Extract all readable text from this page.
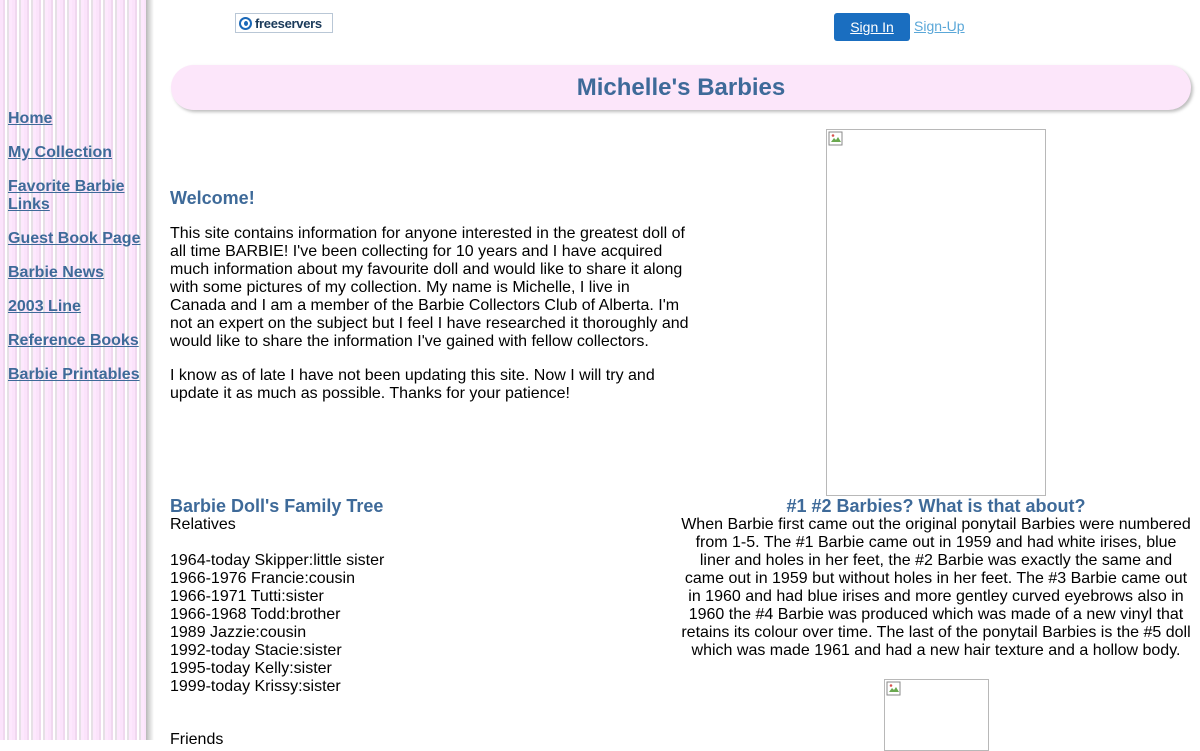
Home
My Collection
Favorite Barbie Links
Guest Book Page
Barbie News
2003 Line
Reference Books
Barbie Printables
freeservers	Sign In	Sign-Up
Michelle's Barbies
Welcome!

This site contains information for anyone interested in the greatest doll of all time BARBIE! I've been collecting for 10 years and I have acquired much information about my favourite doll and would like to share it along with some pictures of my collection. My name is Michelle, I live in Canada and I am a member of the Barbie Collectors Club of Alberta. I'm not an expert on the subject but I feel I have researched it thoroughly and would like to share the information I've gained with fellow collectors.

I know as of late I have not been updating this site. Now I will try and update it as much as possible. Thanks for your patience!

Barbie Doll's Family Tree
Relatives
1964-today Skipper:little sister
1966-1976 Francie:cousin
1966-1971 Tutti:sister
1966-1968 Todd:brother
1989 Jazzie:cousin
1992-today Stacie:sister
1995-today Kelly:sister
1999-today Krissy:sister
Friends
#1 #2 Barbies? What is that about?

When Barbie first came out the original ponytail Barbies were numbered from 1-5. The #1 Barbie came out in 1959 and had white irises, blue liner and holes in her feet, the #2 Barbie was exactly the same and came out in 1959 but without holes in her feet. The #3 Barbie came out in 1960 and had blue irises and more gentley curved eyebrows also in 1960 the #4 Barbie was produced which was made of a new vinyl that retains its colour over time. The last of the ponytail Barbies is the #5 doll which was made 1961 and had a new hair texture and a hollow body.
